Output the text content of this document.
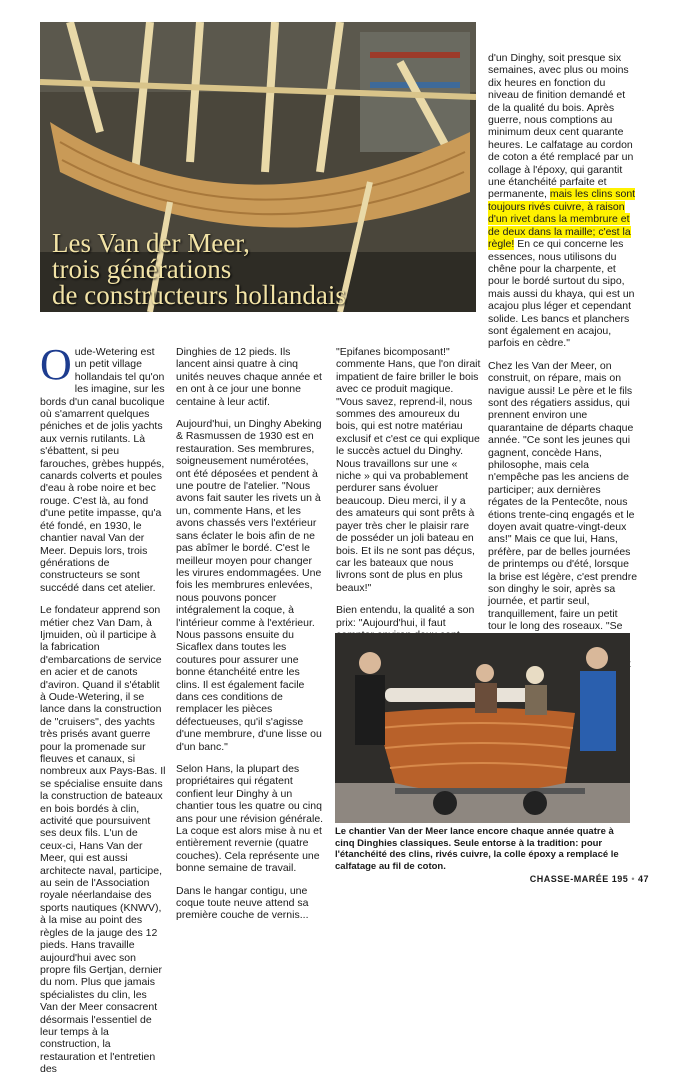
Les Van der Meer,
trois générations
de constructeurs hollandais

Oude-Wetering est un petit village hollandais tel qu'on les imagine, sur les bords d'un canal bucolique où s'amarrent quelques péniches et de jolis yachts aux vernis rutilants. Là s'ébattent, si peu farouches, grèbes huppés, canards colverts et poules d'eau à robe noire et bec rouge. C'est là, au fond d'une petite impasse, qu'a été fondé, en 1930, le chantier naval Van der Meer. Depuis lors, trois générations de constructeurs se sont succédé dans cet atelier.

Le fondateur apprend son métier chez Van Dam, à Ijmuiden, où il participe à la fabrication d'embarcations de service en acier et de canots d'aviron. Quand il s'établit à Oude-Wetering, il se lance dans la construction de "cruisers", des yachts très prisés avant guerre pour la promenade sur fleuves et canaux, si nombreux aux Pays-Bas. Il se spécialise ensuite dans la construction de bateaux en bois bordés à clin, activité que poursuivent ses deux fils. L'un de ceux-ci, Hans Van der Meer, qui est aussi architecte naval, participe, au sein de l'Association royale néerlandaise des sports nautiques (KNWV), à la mise au point des règles de la jauge des 12 pieds. Hans travaille aujourd'hui avec son propre fils Gertjan, dernier du nom. Plus que jamais spécialistes du clin, les Van der Meer consacrent désormais l'essentiel de leur temps à la construction, la restauration et l'entretien des

Dinghies de 12 pieds. Ils lancent ainsi quatre à cinq unités neuves chaque année et en ont à ce jour une bonne centaine à leur actif.

Aujourd'hui, un Dinghy Abeking & Rasmussen de 1930 est en restauration. Ses membrures, soigneusement numérotées, ont été déposées et pendent à une poutre de l'atelier. "Nous avons fait sauter les rivets un à un, commente Hans, et les avons chassés vers l'extérieur sans éclater le bois afin de ne pas abîmer le bordé. C'est le meilleur moyen pour changer les virures endommagées. Une fois les membrures enlevées, nous pouvons poncer intégralement la coque, à l'intérieur comme à l'extérieur. Nous passons ensuite du Sicaflex dans toutes les coutures pour assurer une bonne étanchéité entre les clins. Il est également facile dans ces conditions de remplacer les pièces défectueuses, qu'il s'agisse d'une membrure, d'une lisse ou d'un banc."

Selon Hans, la plupart des propriétaires qui régatent confient leur Dinghy à un chantier tous les quatre ou cinq ans pour une révision générale. La coque est alors mise à nu et entièrement revernie (quatre couches). Cela représente une bonne semaine de travail.

Dans le hangar contigu, une coque toute neuve attend sa première couche de vernis...

"Epifanes bicomposant!" commente Hans, que l'on dirait impatient de faire briller le bois avec ce produit magique. "Vous savez, reprend-il, nous sommes des amoureux du bois, qui est notre matériau exclusif et c'est ce qui explique le succès actuel du Dinghy. Nous travaillons sur une « niche » qui va probablement perdurer sans évoluer beaucoup. Dieu merci, il y a des amateurs qui sont prêts à payer très cher le plaisir rare de posséder un joli bateau en bois. Et ils ne sont pas déçus, car les bateaux que nous livrons sont de plus en plus beaux!"

Bien entendu, la qualité a son prix: "Aujourd'hui, il faut

d'un Dinghy, soit presque six semaines, avec plus ou moins dix heures en fonction du niveau de finition demandé et de la qualité du bois. Après guerre, nous comptions au minimum deux cent quarante heures. Le calfatage au cordon de coton a été remplacé par un collage à l'époxy, qui garantit une étanchéité parfaite et permanente, mais les clins sont toujours rivés cuivre, à raison d'un rivet dans la membrure et de deux dans la maille; c'est la règle! En ce qui concerne les essences, nous utilisons du chêne pour la charpente, et pour le bordé surtout du sipo, mais aussi du khaya, qui est un acajou plus léger et cependant solide. Les bancs et planchers sont également en acajou, parfois en cèdre."

Chez les Van der Meer, on construit, on répare, mais on navigue aussi! Le père et le fils sont des régatiers assidus, qui prennent environ une quarantaine de départs chaque année. "Ce sont les jeunes qui gagnent, concède Hans, philosophe, mais cela n'empêche pas les anciens de participer; aux dernières régates de la Pentecôte, nous étions trente-cinq engagés et le doyen avait quatre-vingt-deux ans!" Mais ce que lui, Hans, préfère, par de belles journées de printemps ou d'été, lorsque la brise est légère, c'est prendre son dinghy le soir, après sa journée, et partir seul, tranquillement, faire un petit tour le long des roseaux. "Se

Le chantier Van der Meer lance encore chaque année quatre à cinq Dinghies classiques. Seule entorse à la tradition: pour l'étanchéité des clins, rivés cuivre, la colle époxy a remplacé le calfatage au fil de coton.
CHASSE-MARÉE 195 • 47
